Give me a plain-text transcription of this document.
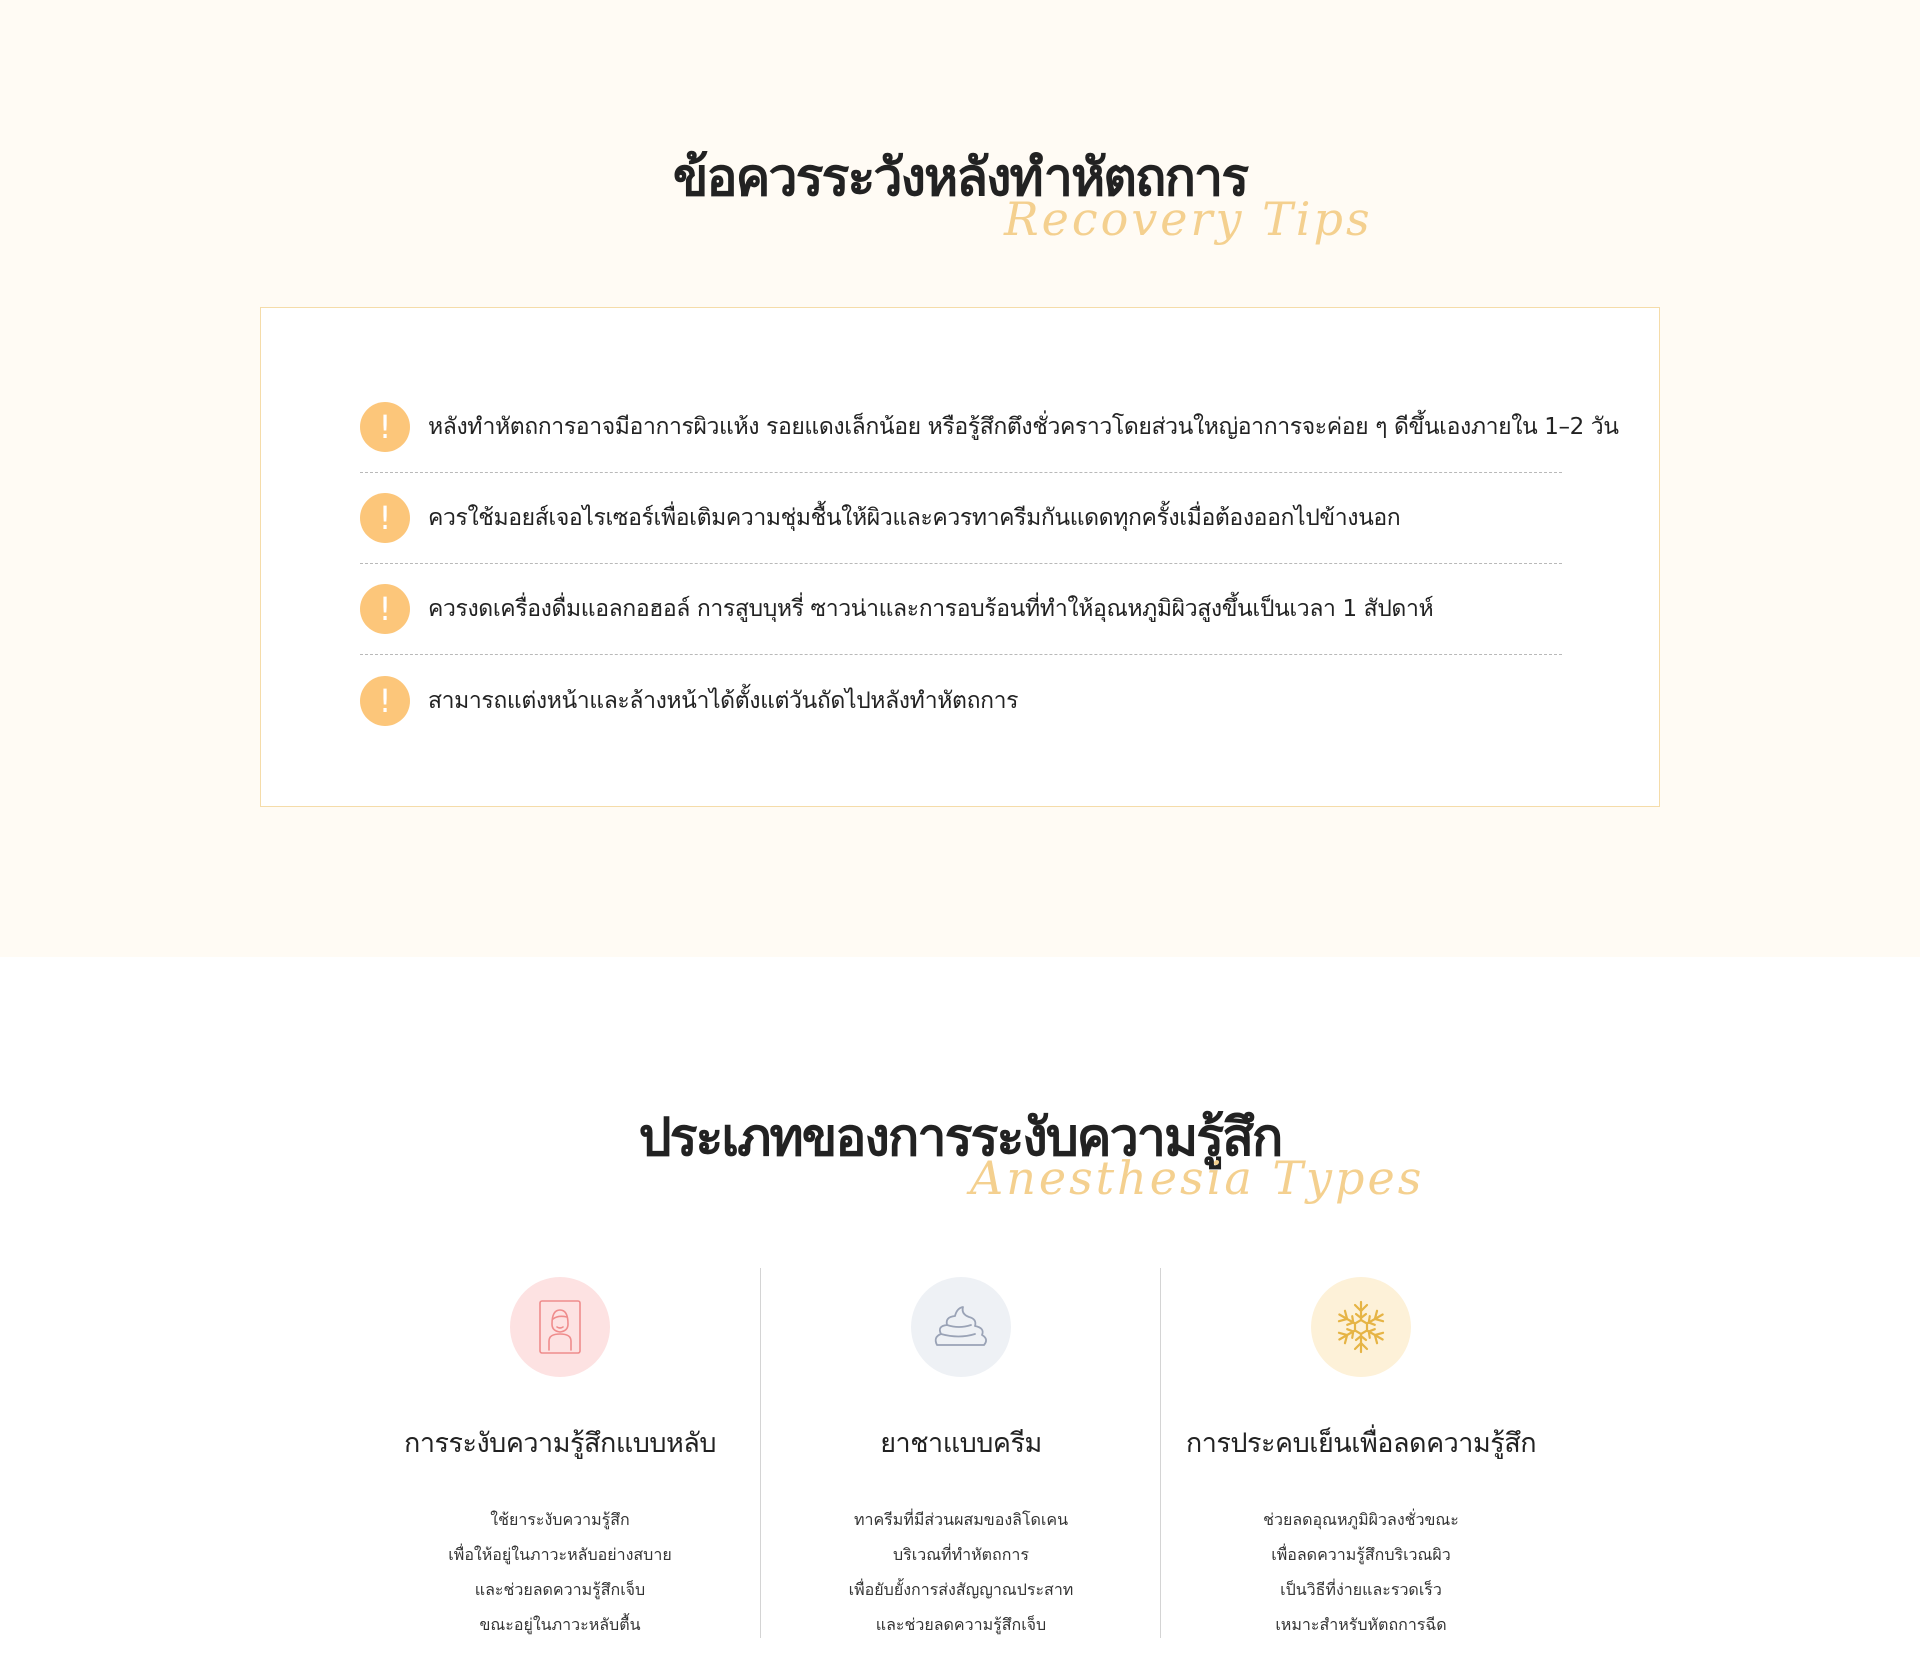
ข้อควรระวังหลังทำหัตถการ
Recovery Tips
!	หลังทำหัตถการอาจมีอาการผิวแห้ง รอยแดงเล็กน้อย หรือรู้สึกตึงชั่วคราวโดยส่วนใหญ่อาการจะค่อย ๆ ดีขึ้นเองภายใน 1–2 วัน
!	ควรใช้มอยส์เจอไรเซอร์เพื่อเติมความชุ่มชื้นให้ผิวและควรทาครีมกันแดดทุกครั้งเมื่อต้องออกไปข้างนอก
!	ควรงดเครื่องดื่มแอลกอฮอล์ การสูบบุหรี่ ซาวน่าและการอบร้อนที่ทำให้อุณหภูมิผิวสูงขึ้นเป็นเวลา 1 สัปดาห์
!	สามารถแต่งหน้าและล้างหน้าได้ตั้งแต่วันถัดไปหลังทำหัตถการ
ประเภทของการระงับความรู้สึก
Anesthesia Types
การระงับความรู้สึกแบบหลับ
ใช้ยาระงับความรู้สึก
เพื่อให้อยู่ในภาวะหลับอย่างสบาย
และช่วยลดความรู้สึกเจ็บ
ขณะอยู่ในภาวะหลับตื้น
ยาชาแบบครีม
ทาครีมที่มีส่วนผสมของลิโดเคน
บริเวณที่ทำหัตถการ
เพื่อยับยั้งการส่งสัญญาณประสาท
และช่วยลดความรู้สึกเจ็บ
การประคบเย็นเพื่อลดความรู้สึก
ช่วยลดอุณหภูมิผิวลงชั่วขณะ
เพื่อลดความรู้สึกบริเวณผิว
เป็นวิธีที่ง่ายและรวดเร็ว
เหมาะสำหรับหัตถการฉีด
